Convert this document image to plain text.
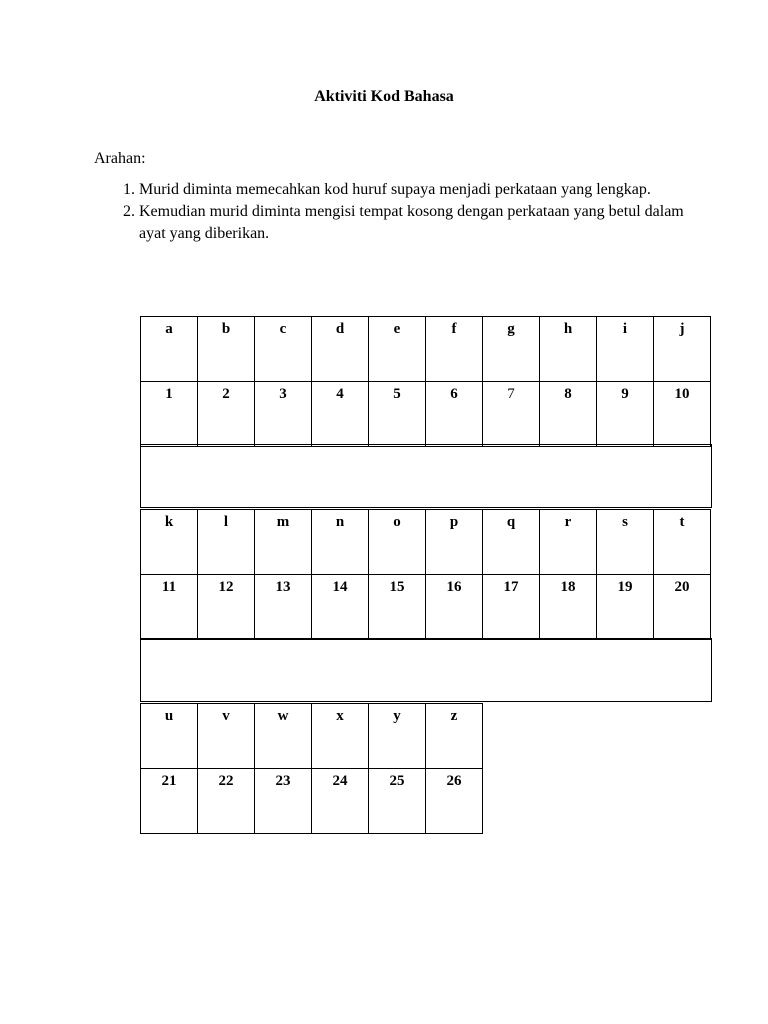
Aktiviti Kod Bahasa
Arahan:
1. Murid diminta memecahkan kod huruf supaya menjadi perkataan yang lengkap.
2. Kemudian murid diminta mengisi tempat kosong dengan perkataan yang betul dalam ayat yang diberikan.
a	b	c	d	e	f	g	h	i	j

1	2	3	4	5	6	7	8	9	10
k	l	m	n	o	p	q	r	s	t

11	12	13	14	15	16	17	18	19	20
u	v	w	x	y	z

21	22	23	24	25	26
